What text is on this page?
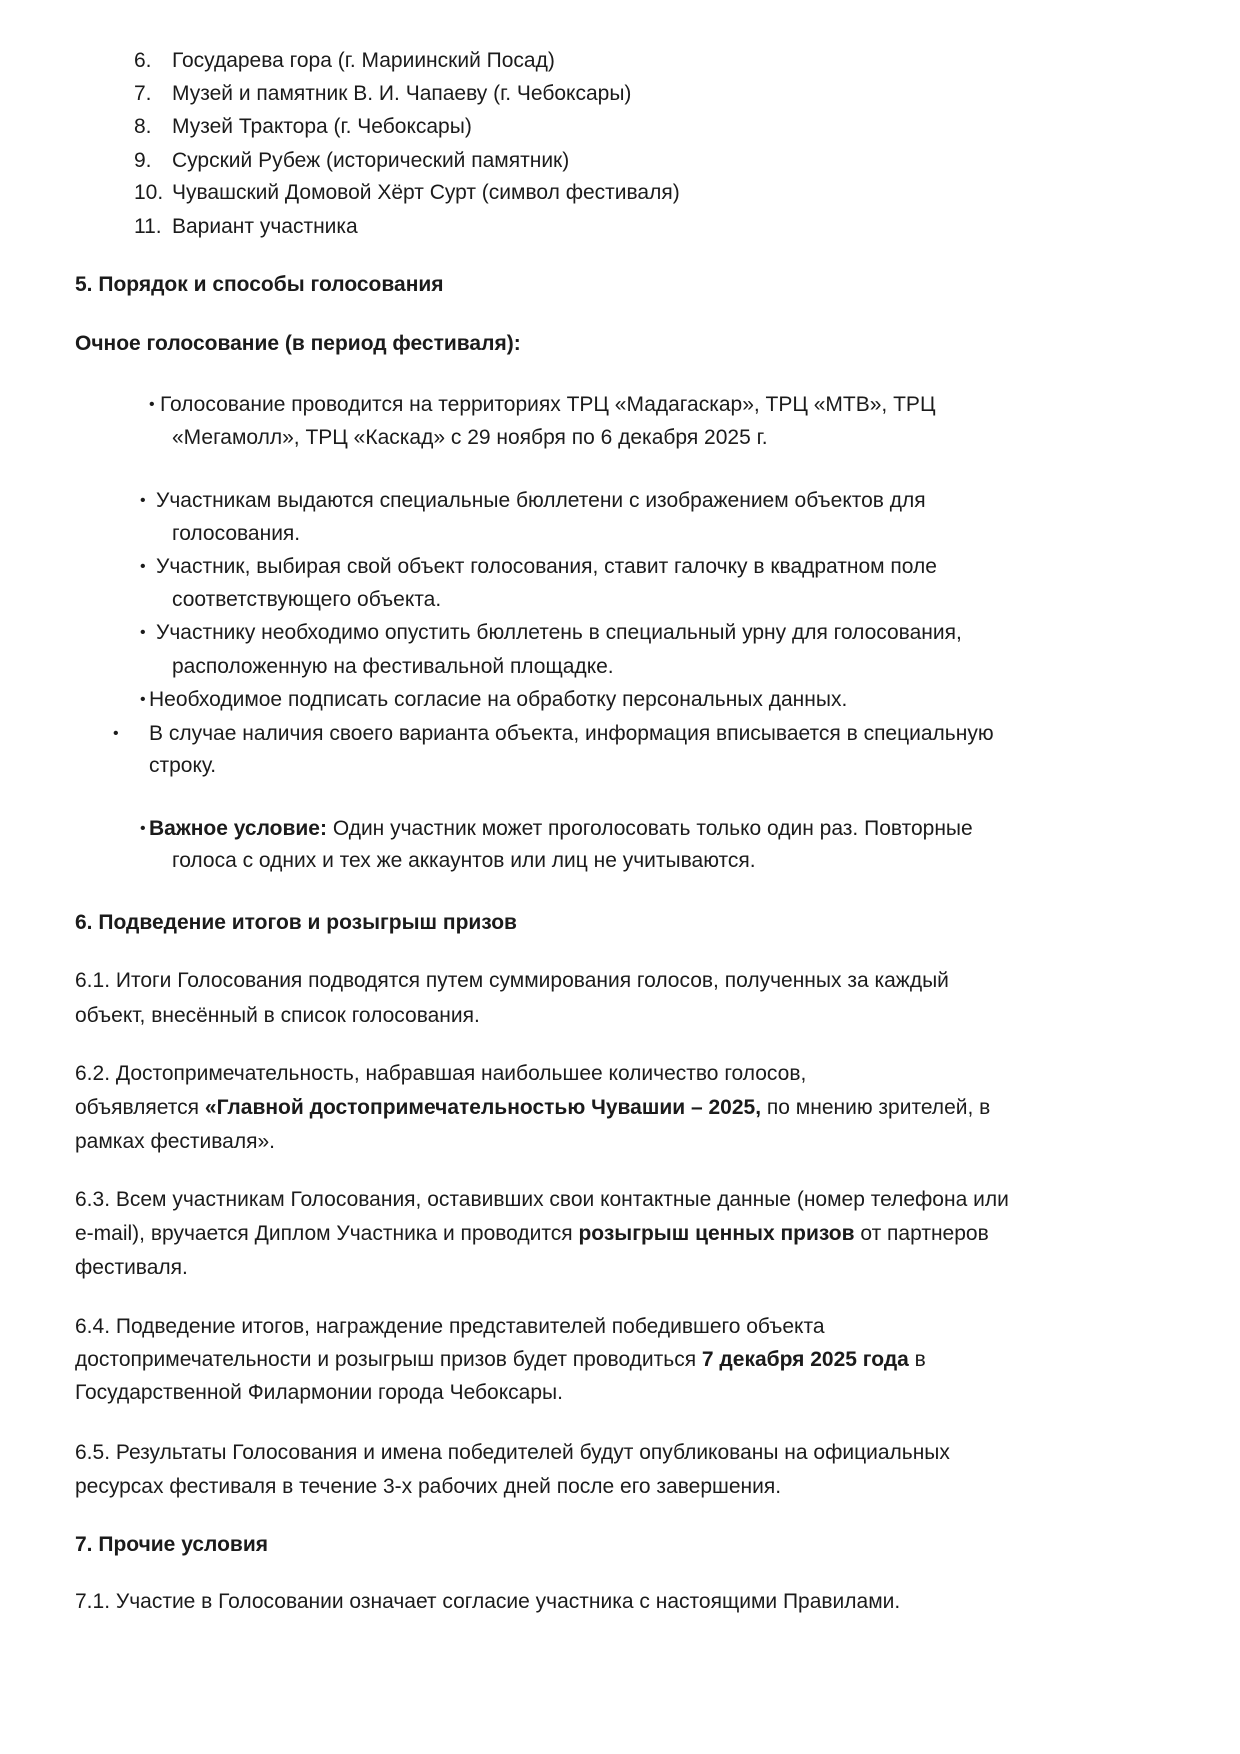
6. Государева гора (г. Мариинский Посад)
7. Музей и памятник В. И. Чапаеву (г. Чебоксары)
8. Музей Трактора (г. Чебоксары)
9. Сурский Рубеж (исторический памятник)
10. Чувашский Домовой Хёрт Сурт (символ фестиваля)
11. Вариант участника
5. Порядок и способы голосования
Очное голосование (в период фестиваля):
• Голосование проводится на территориях ТРЦ «Мадагаскар», ТРЦ «МТВ», ТРЦ
«Мегамолл», ТРЦ «Каскад» с 29 ноября по 6 декабря 2025 г.
• Участникам выдаются специальные бюллетени с изображением объектов для
голосования.
• Участник, выбирая свой объект голосования, ставит галочку в квадратном поле
соответствующего объекта.
• Участнику необходимо опустить бюллетень в специальный урну для голосования,
расположенную на фестивальной площадке.
• Необходимое подписать согласие на обработку персональных данных.
• В случае наличия своего варианта объекта, информация вписывается в специальную
строку.
• Важное условие: Один участник может проголосовать только один раз. Повторные
голоса с одних и тех же аккаунтов или лиц не учитываются.
6. Подведение итогов и розыгрыш призов
6.1. Итоги Голосования подводятся путем суммирования голосов, полученных за каждый
объект, внесённый в список голосования.
6.2. Достопримечательность, набравшая наибольшее количество голосов,
объявляется «Главной достопримечательностью Чувашии – 2025, по мнению зрителей, в
рамках фестиваля».
6.3. Всем участникам Голосования, оставивших свои контактные данные (номер телефона или
e-mail), вручается Диплом Участника и проводится розыгрыш ценных призов от партнеров
фестиваля.
6.4. Подведение итогов, награждение представителей победившего объекта
достопримечательности и розыгрыш призов будет проводиться 7 декабря 2025 года в
Государственной Филармонии города Чебоксары.
6.5. Результаты Голосования и имена победителей будут опубликованы на официальных
ресурсах фестиваля в течение 3-х рабочих дней после его завершения.
7. Прочие условия
7.1. Участие в Голосовании означает согласие участника с настоящими Правилами.
